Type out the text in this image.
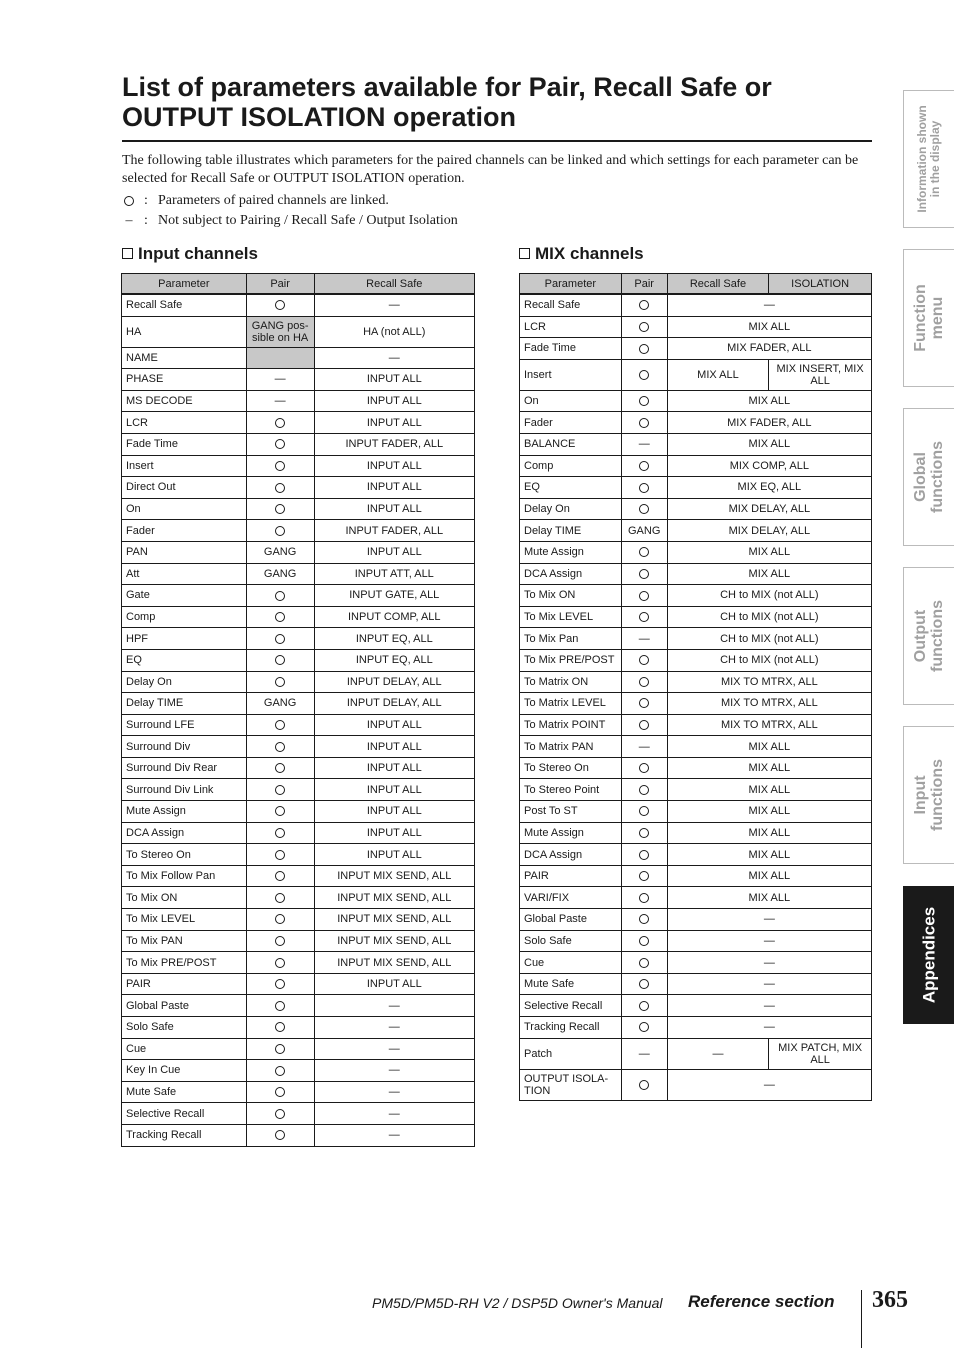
List of parameters available for Pair, Recall Safe or OUTPUT ISOLATION operation
The following table illustrates which parameters for the paired channels can be linked and which settings for each parameter can be selected for Recall Safe or OUTPUT ISOLATION operation.
: Parameters of paired channels are linked.
– : Not subject to Pairing / Recall Safe / Output Isolation
Input channels	MIX channels
Parameter	Pair	Recall Safe
Recall Safe		—
HA	GANG pos-sible on HA	HA (not ALL)
NAME		—
PHASE	—	INPUT ALL
MS DECODE	—	INPUT ALL
LCR		INPUT ALL
Fade Time		INPUT FADER, ALL
Insert		INPUT ALL
Direct Out		INPUT ALL
On		INPUT ALL
Fader		INPUT FADER, ALL
PAN	GANG	INPUT ALL
Att	GANG	INPUT ATT, ALL
Gate		INPUT GATE, ALL
Comp		INPUT COMP, ALL
HPF		INPUT EQ, ALL
EQ		INPUT EQ, ALL
Delay On		INPUT DELAY, ALL
Delay TIME	GANG	INPUT DELAY, ALL
Surround LFE		INPUT ALL
Surround Div		INPUT ALL
Surround Div Rear		INPUT ALL
Surround Div Link		INPUT ALL
Mute Assign		INPUT ALL
DCA Assign		INPUT ALL
To Stereo On		INPUT ALL
To Mix Follow Pan		INPUT MIX SEND, ALL
To Mix ON		INPUT MIX SEND, ALL
To Mix LEVEL		INPUT MIX SEND, ALL
To Mix PAN		INPUT MIX SEND, ALL
To Mix PRE/POST		INPUT MIX SEND, ALL
PAIR		INPUT ALL
Global Paste		—
Solo Safe		—
Cue		—
Key In Cue		—
Mute Safe		—
Selective Recall		—
Tracking Recall		—
Parameter	Pair	Recall Safe	ISOLATION
Recall Safe		—	
LCR		MIX ALL	
Fade Time		MIX FADER, ALL	
Insert		MIX ALL	MIX INSERT, MIX ALL
On		MIX ALL	
Fader		MIX FADER, ALL	
BALANCE	—	MIX ALL	
Comp		MIX COMP, ALL	
EQ		MIX EQ, ALL	
Delay On		MIX DELAY, ALL	
Delay TIME	GANG	MIX DELAY, ALL	
Mute Assign		MIX ALL	
DCA Assign		MIX ALL	
To Mix ON		CH to MIX (not ALL)	
To Mix LEVEL		CH to MIX (not ALL)	
To Mix Pan	—	CH to MIX (not ALL)	
To Mix PRE/POST		CH to MIX (not ALL)	
To Matrix ON		MIX TO MTRX, ALL	
To Matrix LEVEL		MIX TO MTRX, ALL	
To Matrix POINT		MIX TO MTRX, ALL	
To Matrix PAN	—	MIX ALL	
To Stereo On		MIX ALL	
To Stereo Point		MIX ALL	
Post To ST		MIX ALL	
Mute Assign		MIX ALL	
DCA Assign		MIX ALL	
PAIR		MIX ALL	
VARI/FIX		MIX ALL	
Global Paste		—	
Solo Safe		—	
Cue		—	
Mute Safe		—	
Selective Recall		—	
Tracking Recall		—	
Patch	—	—	MIX PATCH, MIX ALL
OUTPUT ISOLA-TION		—	
Information shown
in the display
Function
menu
Global
functions
Output
functions
Input
functions
Appendices
PM5D/PM5D-RH V2 / DSP5D Owner's Manual Reference section 365
